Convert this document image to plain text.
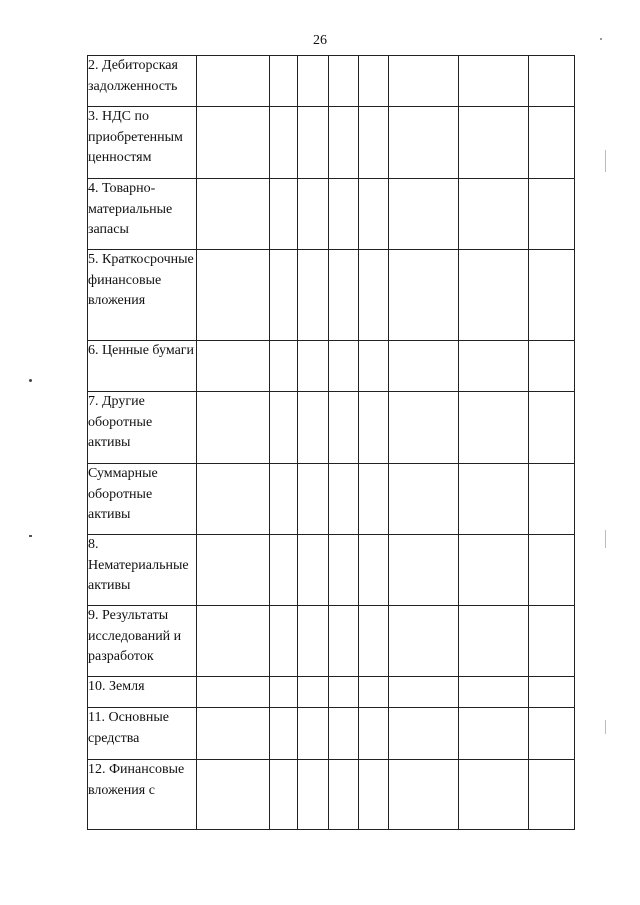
26
2. Дебиторская задолженность								
3. НДС по приобретенным ценностям								
4. Товарно-материальные запасы								
5. Краткосрочные финансовые вложения								
6. Ценные бумаги								
7. Другие оборотные активы								
Суммарные оборотные активы								
8. Нематериальные активы								
9. Результаты исследований и разработок								
10. Земля								
11. Основные средства								
12. Финансовые вложения с								
